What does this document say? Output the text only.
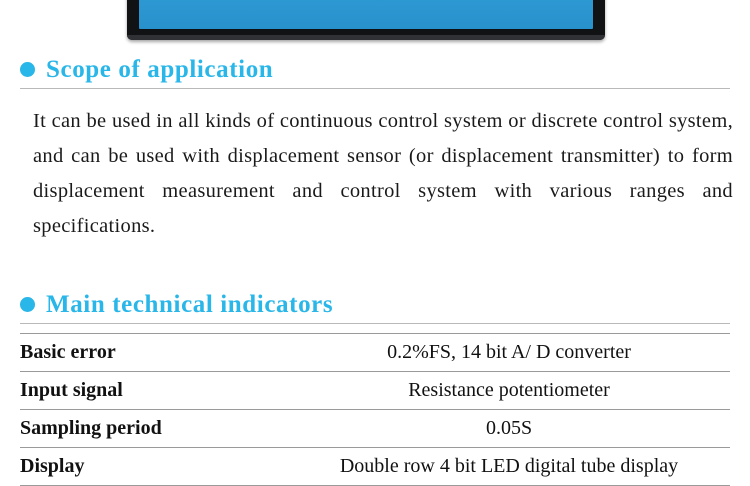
Scope of application
It can be used in all kinds of continuous control system or discrete control system, and can be used with displacement sensor (or displacement transmitter) to form displacement measurement and control system with various ranges and specifications.
Main technical indicators
Basic error	0.2%FS, 14 bit A/ D converter
Input signal	Resistance potentiometer
Sampling period	0.05S
Display	Double row 4 bit LED digital tube display
